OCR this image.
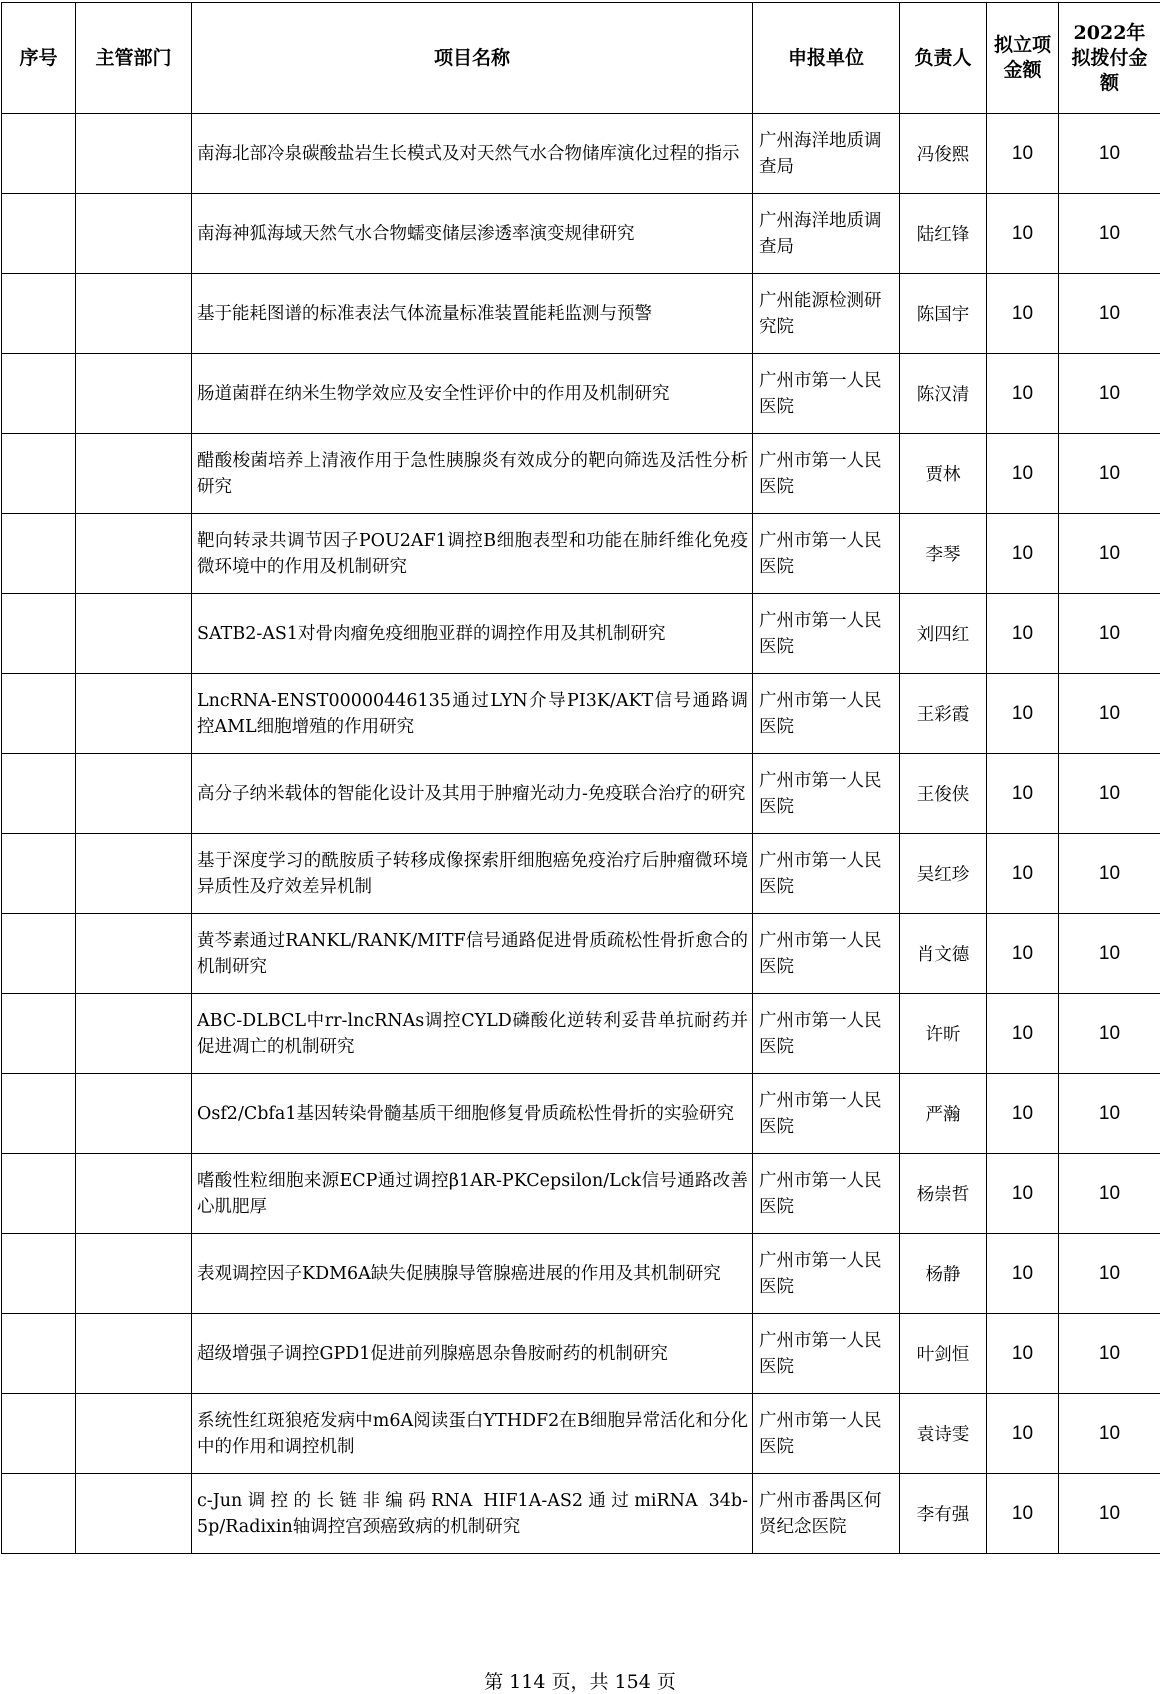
序号	主管部门	项目名称	申报单位	负责人	拟立项金额	2022年拟拨付金额
		南海北部冷泉碳酸盐岩生长模式及对天然气水合物储库演化过程的指示	广州海洋地质调查局	冯俊熙	10	10
		南海神狐海域天然气水合物蠕变储层渗透率演变规律研究	广州海洋地质调查局	陆红锋	10	10
		基于能耗图谱的标准表法气体流量标准装置能耗监测与预警	广州能源检测研究院	陈国宇	10	10
		肠道菌群在纳米生物学效应及安全性评价中的作用及机制研究	广州市第一人民医院	陈汉清	10	10
		醋酸梭菌培养上清液作用于急性胰腺炎有效成分的靶向筛选及活性分析研究	广州市第一人民医院	贾林	10	10
		靶向转录共调节因子POU2AF1调控B细胞表型和功能在肺纤维化免疫微环境中的作用及机制研究	广州市第一人民医院	李琴	10	10
		SATB2-AS1对骨肉瘤免疫细胞亚群的调控作用及其机制研究	广州市第一人民医院	刘四红	10	10
		LncRNA-ENST00000446135通过LYN介导PI3K/AKT信号通路调控AML细胞增殖的作用研究	广州市第一人民医院	王彩霞	10	10
		高分子纳米载体的智能化设计及其用于肿瘤光动力-免疫联合治疗的研究	广州市第一人民医院	王俊侠	10	10
		基于深度学习的酰胺质子转移成像探索肝细胞癌免疫治疗后肿瘤微环境异质性及疗效差异机制	广州市第一人民医院	吴红珍	10	10
		黄芩素通过RANKL/RANK/MITF信号通路促进骨质疏松性骨折愈合的机制研究	广州市第一人民医院	肖文德	10	10
		ABC-DLBCL中rr-lncRNAs调控CYLD磷酸化逆转利妥昔单抗耐药并促进凋亡的机制研究	广州市第一人民医院	许昕	10	10
		Osf2/Cbfa1基因转染骨髓基质干细胞修复骨质疏松性骨折的实验研究	广州市第一人民医院	严瀚	10	10
		嗜酸性粒细胞来源ECP通过调控β1AR-PKCepsilon/Lck信号通路改善心肌肥厚	广州市第一人民医院	杨崇哲	10	10
		表观调控因子KDM6A缺失促胰腺导管腺癌进展的作用及其机制研究	广州市第一人民医院	杨静	10	10
		超级增强子调控GPD1促进前列腺癌恩杂鲁胺耐药的机制研究	广州市第一人民医院	叶剑恒	10	10
		系统性红斑狼疮发病中m6A阅读蛋白YTHDF2在B细胞异常活化和分化中的作用和调控机制	广州市第一人民医院	袁诗雯	10	10
		c-Jun调控的长链非编码RNA HIF1A-AS2通过miRNA 34b-5p/Radixin轴调控宫颈癌致病的机制研究	广州市番禺区何贤纪念医院	李有强	10	10
第 114 页，共 154 页
